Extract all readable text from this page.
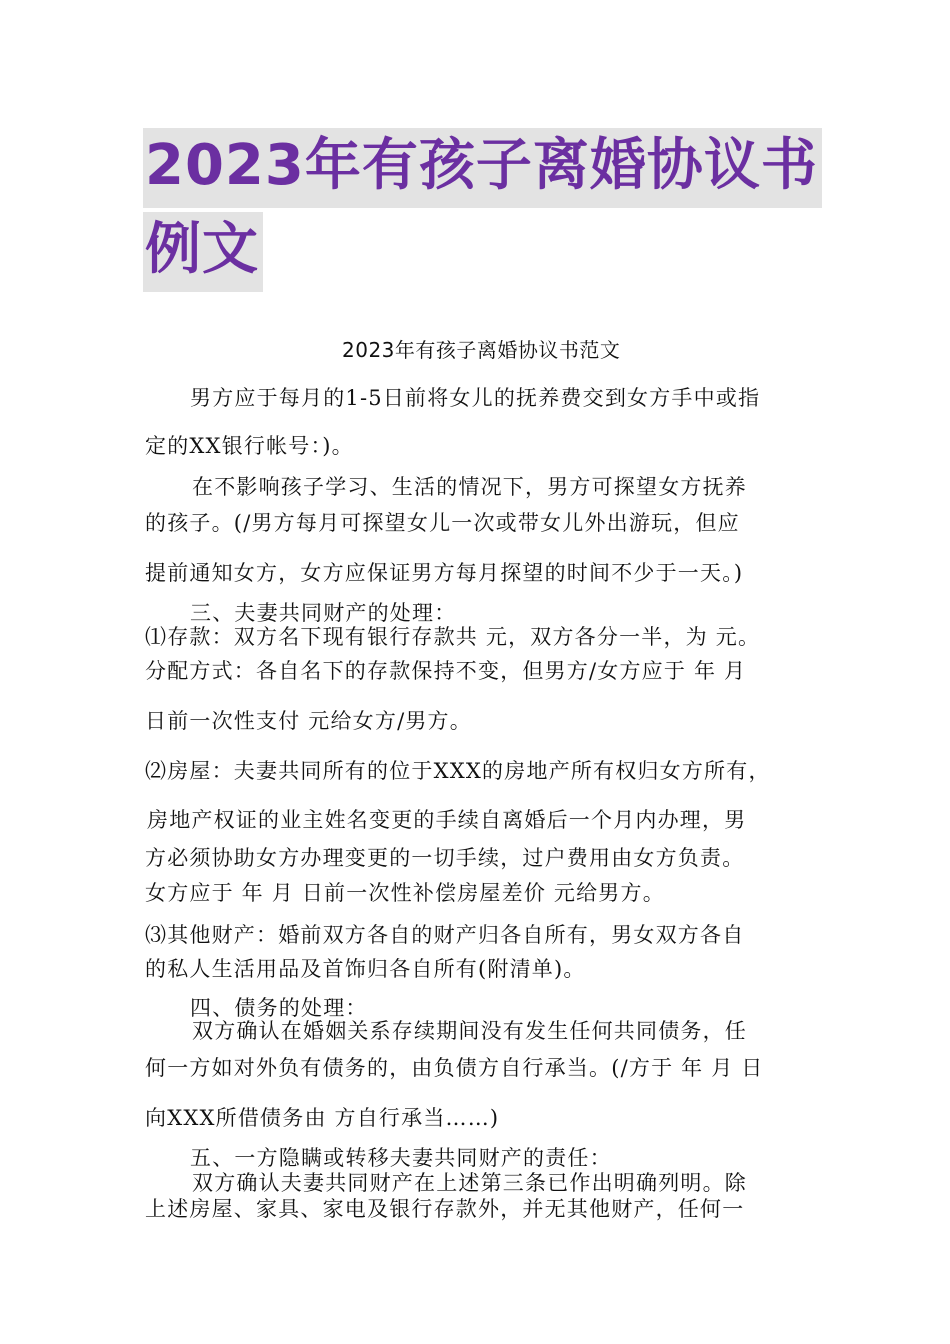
2023年有孩子离婚协议书
例文
2023年有孩子离婚协议书范文
男方应于每月的1-5日前将女儿的抚养费交到女方手中或指
定的XX银行帐号：)。
在不影响孩子学习、生活的情况下，男方可探望女方抚养
的孩子。(/男方每月可探望女儿一次或带女儿外出游玩，但应
提前通知女方，女方应保证男方每月探望的时间不少于一天。)
三、夫妻共同财产的处理：
⑴存款：双方名下现有银行存款共 元，双方各分一半，为 元。
分配方式：各自名下的存款保持不变，但男方/女方应于 年 月
日前一次性支付 元给女方/男方。
⑵房屋：夫妻共同所有的位于XXX的房地产所有权归女方所有，
房地产权证的业主姓名变更的手续自离婚后一个月内办理，男
方必须协助女方办理变更的一切手续，过户费用由女方负责。
女方应于 年 月 日前一次性补偿房屋差价 元给男方。
⑶其他财产：婚前双方各自的财产归各自所有，男女双方各自
的私人生活用品及首饰归各自所有(附清单)。
四、债务的处理：
双方确认在婚姻关系存续期间没有发生任何共同债务，任
何一方如对外负有债务的，由负债方自行承当。(/方于 年 月 日
向XXX所借债务由 方自行承当……)
五、一方隐瞒或转移夫妻共同财产的责任：
双方确认夫妻共同财产在上述第三条已作出明确列明。除
上述房屋、家具、家电及银行存款外，并无其他财产，任何一
